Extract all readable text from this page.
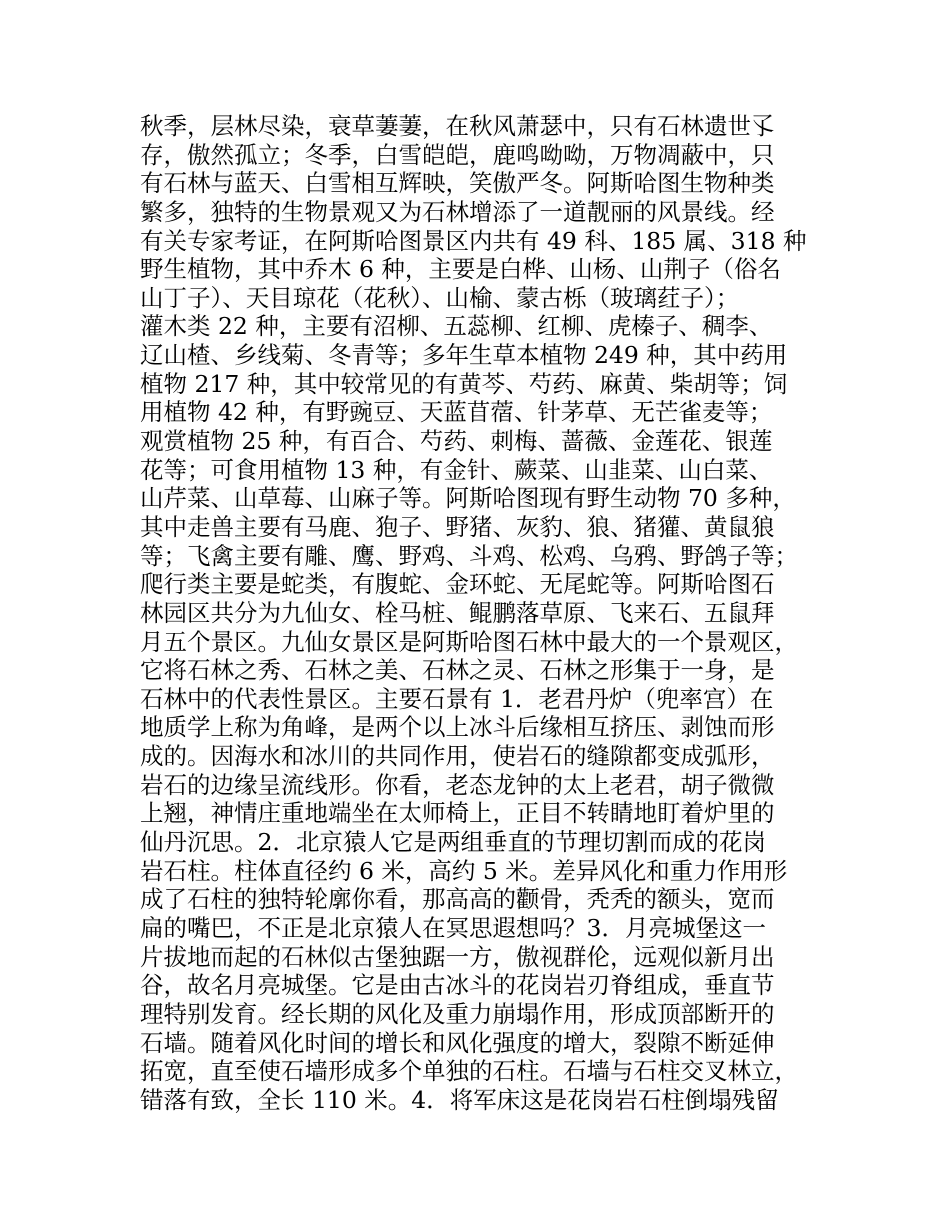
秋季，层林尽染，衰草萋萋，在秋风萧瑟中，只有石林遗世孓
存，傲然孤立；冬季，白雪皑皑，鹿鸣呦呦，万物凋蔽中，只
有石林与蓝天、白雪相互辉映，笑傲严冬。阿斯哈图生物种类
繁多，独特的生物景观又为石林增添了一道靓丽的风景线。经
有关专家考证，在阿斯哈图景区内共有 49 科、185 属、318 种
野生植物，其中乔木 6 种，主要是白桦、山杨、山荆子（俗名
山丁子）、天目琼花（花秋）、山榆、蒙古栎（玻璃荭子）；
灌木类 22 种，主要有沼柳、五蕊柳、红柳、虎榛子、稠李、
辽山楂、乡线菊、冬青等；多年生草本植物 249 种，其中药用
植物 217 种，其中较常见的有黄芩、芍药、麻黄、柴胡等；饲
用植物 42 种，有野豌豆、天蓝苜蓿、针茅草、无芒雀麦等；
观赏植物 25 种，有百合、芍药、刺梅、蔷薇、金莲花、银莲
花等；可食用植物 13 种，有金针、蕨菜、山韭菜、山白菜、
山芹菜、山草莓、山麻子等。阿斯哈图现有野生动物 70 多种，
其中走兽主要有马鹿、狍子、野猪、灰豹、狼、猪獾、黄鼠狼
等；飞禽主要有雕、鹰、野鸡、斗鸡、松鸡、乌鸦、野鸽子等；
爬行类主要是蛇类，有腹蛇、金环蛇、无尾蛇等。阿斯哈图石
林园区共分为九仙女、栓马桩、鲲鹏落草原、飞来石、五鼠拜
月五个景区。九仙女景区是阿斯哈图石林中最大的一个景观区，
它将石林之秀、石林之美、石林之灵、石林之形集于一身，是
石林中的代表性景区。主要石景有 1．老君丹炉（兜率宫）在
地质学上称为角峰，是两个以上冰斗后缘相互挤压、剥蚀而形
成的。因海水和冰川的共同作用，使岩石的缝隙都变成弧形，
岩石的边缘呈流线形。你看，老态龙钟的太上老君，胡子微微
上翘，神情庄重地端坐在太师椅上，正目不转睛地盯着炉里的
仙丹沉思。2．北京猿人它是两组垂直的节理切割而成的花岗
岩石柱。柱体直径约 6 米，高约 5 米。差异风化和重力作用形
成了石柱的独特轮廓你看，那高高的颧骨，秃秃的额头，宽而
扁的嘴巴，不正是北京猿人在冥思遐想吗？3．月亮城堡这一
片拔地而起的石林似古堡独踞一方，傲视群伦，远观似新月出
谷，故名月亮城堡。它是由古冰斗的花岗岩刃脊组成，垂直节
理特别发育。经长期的风化及重力崩塌作用，形成顶部断开的
石墙。随着风化时间的增长和风化强度的增大，裂隙不断延伸
拓宽，直至使石墙形成多个单独的石柱。石墙与石柱交叉林立，
错落有致，全长 110 米。4．将军床这是花岗岩石柱倒塌残留
